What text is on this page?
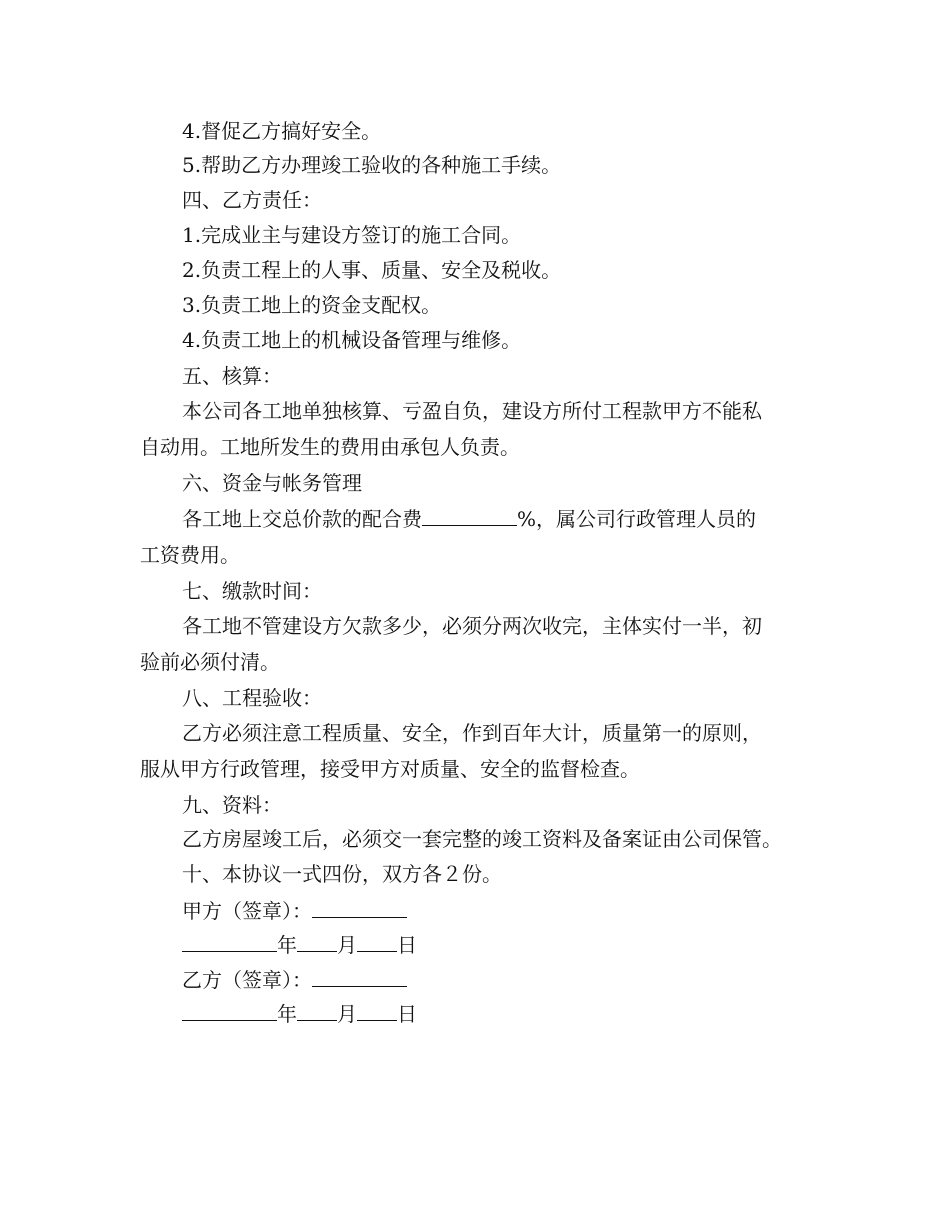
4.督促乙方搞好安全。
5.帮助乙方办理竣工验收的各种施工手续。
四、乙方责任：
1.完成业主与建设方签订的施工合同。
2.负责工程上的人事、质量、安全及税收。
3.负责工地上的资金支配权。
4.负责工地上的机械设备管理与维修。
五、核算：
本公司各工地单独核算、亏盈自负，建设方所付工程款甲方不能私
自动用。工地所发生的费用由承包人负责。
六、资金与帐务管理
各工地上交总价款的配合费	%，属公司行政管理人员的
工资费用。
七、缴款时间：
各工地不管建设方欠款多少，必须分两次收完，主体实付一半，初
验前必须付清。
八、工程验收：
乙方必须注意工程质量、安全，作到百年大计，质量第一的原则，
服从甲方行政管理，接受甲方对质量、安全的监督检查。
九、资料：
乙方房屋竣工后，必须交一套完整的竣工资料及备案证由公司保管。
十、本协议一式四份，双方各２份。
甲方（签章）：
年 月 日
乙方（签章）：
年 月 日
